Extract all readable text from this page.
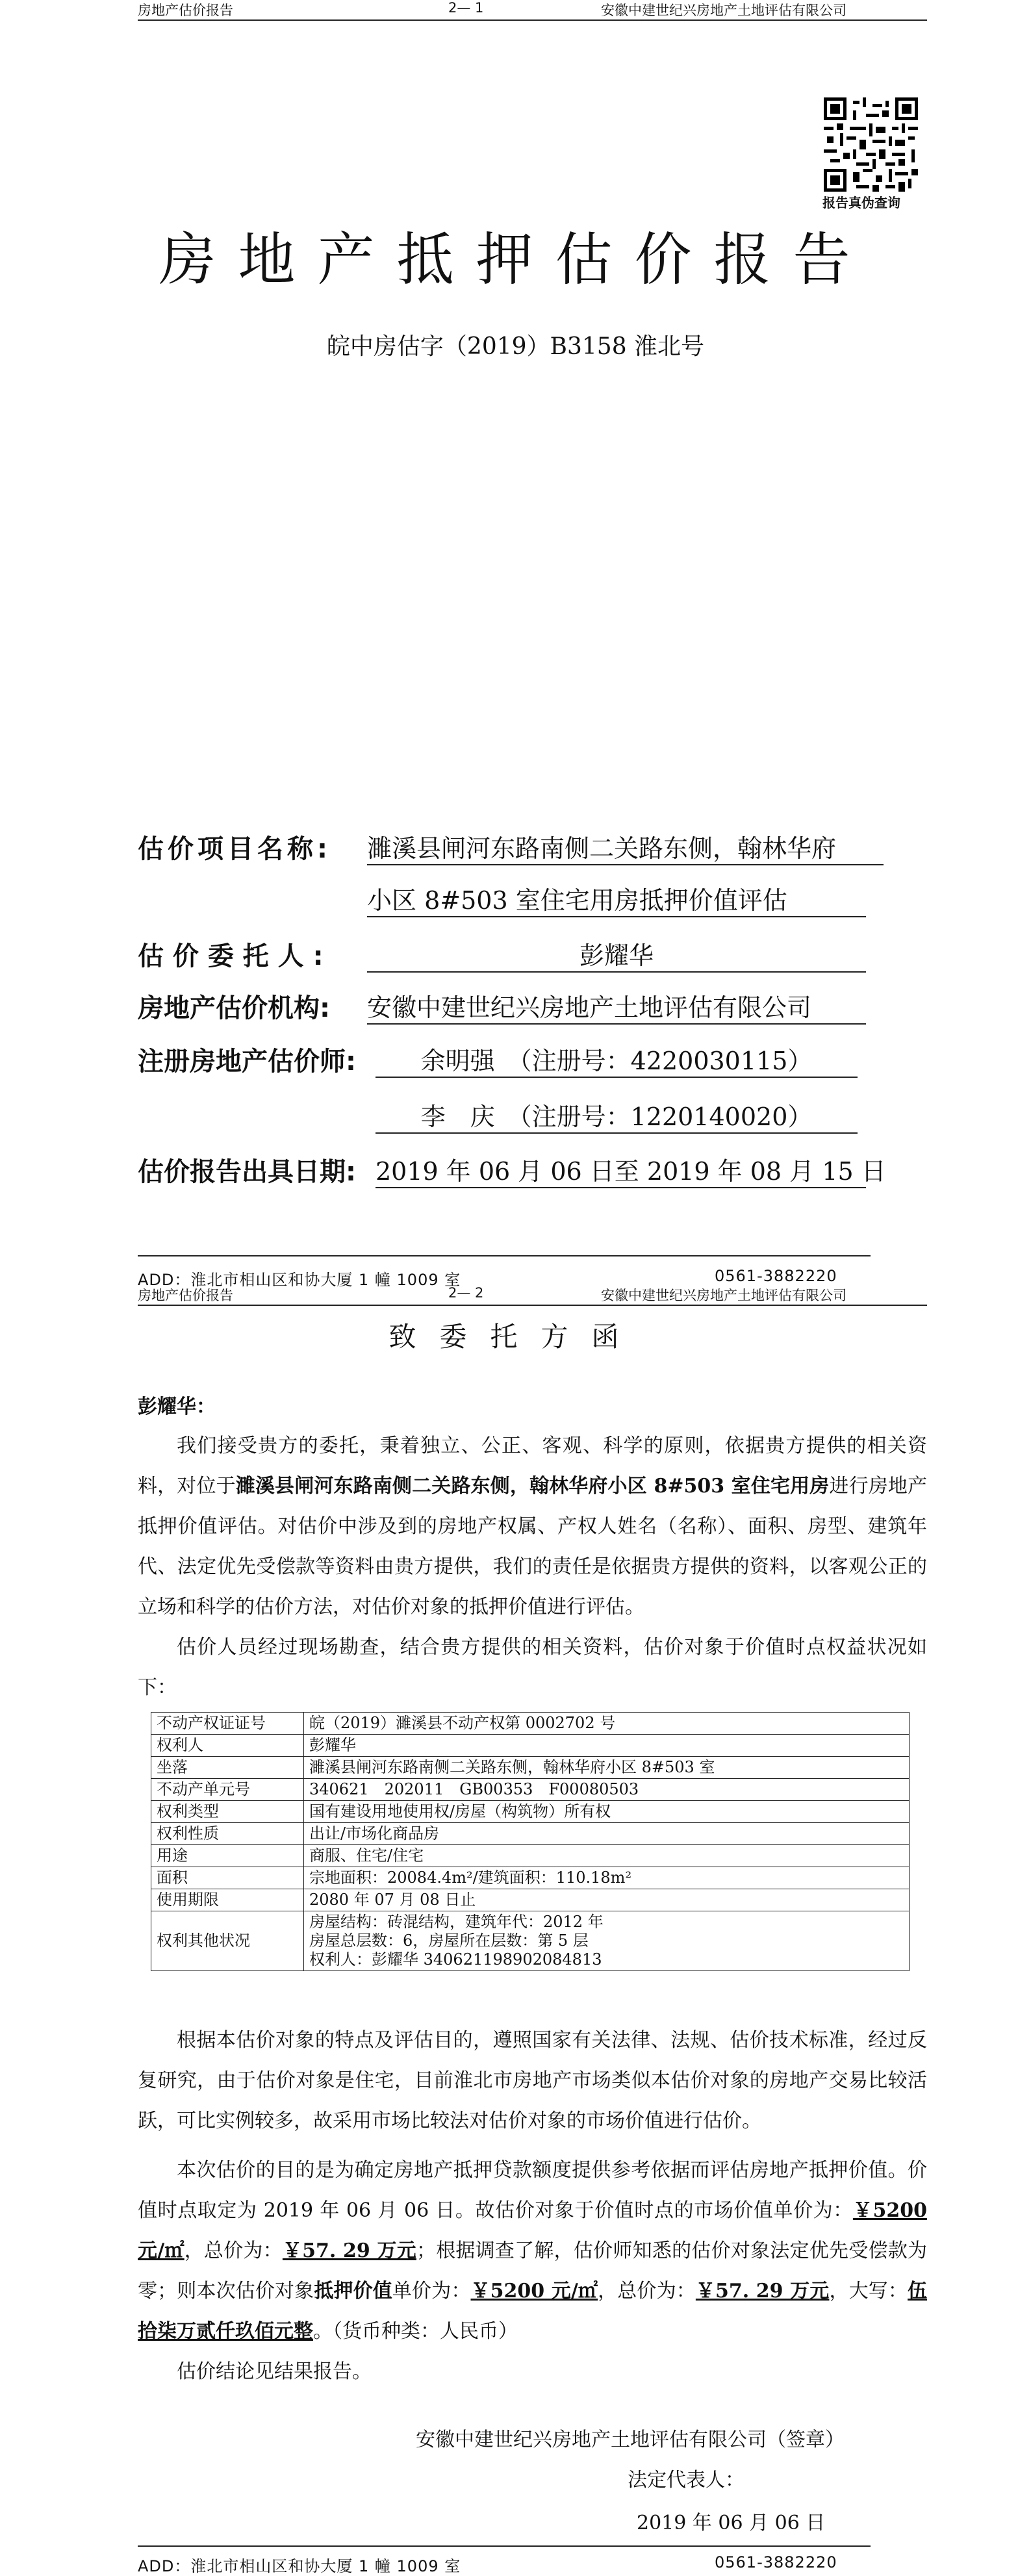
房地产估价报告	2— 1	安徽中建世纪兴房地产土地评估有限公司
报告真伪查询
房地产抵押估价报告
皖中房估字（2019）B3158 淮北号
估价项目名称: 濉溪县闸河东路南侧二关路东侧，翰林华府
小区 8#503 室住宅用房抵押价值评估
估 价 委 托 人 :	彭耀华
房地产估价机构: 安徽中建世纪兴房地产土地评估有限公司
注册房地产估价师:	余明强　（注册号：4220030115）
李　庆　（注册号：1220140020）
估价报告出具日期: 2019 年 06 月 06 日至 2019 年 08 月 15 日
ADD：淮北市相山区和协大厦 1 幢 1009 室	0561-3882220
房地产估价报告	2— 2	安徽中建世纪兴房地产土地评估有限公司
致委托方函
彭耀华：
我们接受贵方的委托，秉着独立、公正、客观、科学的原则，依据贵方提供的相关资料，对位于濉溪县闸河东路南侧二关路东侧，翰林华府小区 8#503 室住宅用房进行房地产抵押价值评估。对估价中涉及到的房地产权属、产权人姓名（名称）、面积、房型、建筑年代、法定优先受偿款等资料由贵方提供，我们的责任是依据贵方提供的资料，以客观公正的立场和科学的估价方法，对估价对象的抵押价值进行评估。
估价人员经过现场勘查，结合贵方提供的相关资料，估价对象于价值时点权益状况如下：
不动产权证证号	皖（2019）濉溪县不动产权第 0002702 号

权利人	彭耀华

坐落	濉溪县闸河东路南侧二关路东侧，翰林华府小区 8#503 室

不动产单元号	340621　202011　GB00353　F00080503

权利类型	国有建设用地使用权/房屋（构筑物）所有权

权利性质	出让/市场化商品房

用途	商服、住宅/住宅

面积	宗地面积：20084.4m²/建筑面积：110.18m²

使用期限	2080 年 07 月 08 日止

权利其他状况	房屋结构：砖混结构，建筑年代：2012 年
房屋总层数：6，房屋所在层数：第 5 层
权利人：彭耀华 340621198902084813
根据本估价对象的特点及评估目的，遵照国家有关法律、法规、估价技术标准，经过反复研究，由于估价对象是住宅，目前淮北市房地产市场类似本估价对象的房地产交易比较活跃，可比实例较多，故采用市场比较法对估价对象的市场价值进行估价。
本次估价的目的是为确定房地产抵押贷款额度提供参考依据而评估房地产抵押价值。价值时点取定为 2019 年 06 月 06 日。故估价对象于价值时点的市场价值单价为：￥5200 元/㎡，总价为：￥57. 29 万元；根据调查了解，估价师知悉的估价对象法定优先受偿款为零；则本次估价对象抵押价值单价为：￥5200 元/㎡，总价为：￥57. 29 万元，大写：伍拾柒万贰仟玖佰元整。（货币种类：人民币）
估价结论见结果报告。
安徽中建世纪兴房地产土地评估有限公司（签章）
法定代表人：
2019 年 06 月 06 日
ADD：淮北市相山区和协大厦 1 幢 1009 室	0561-3882220
